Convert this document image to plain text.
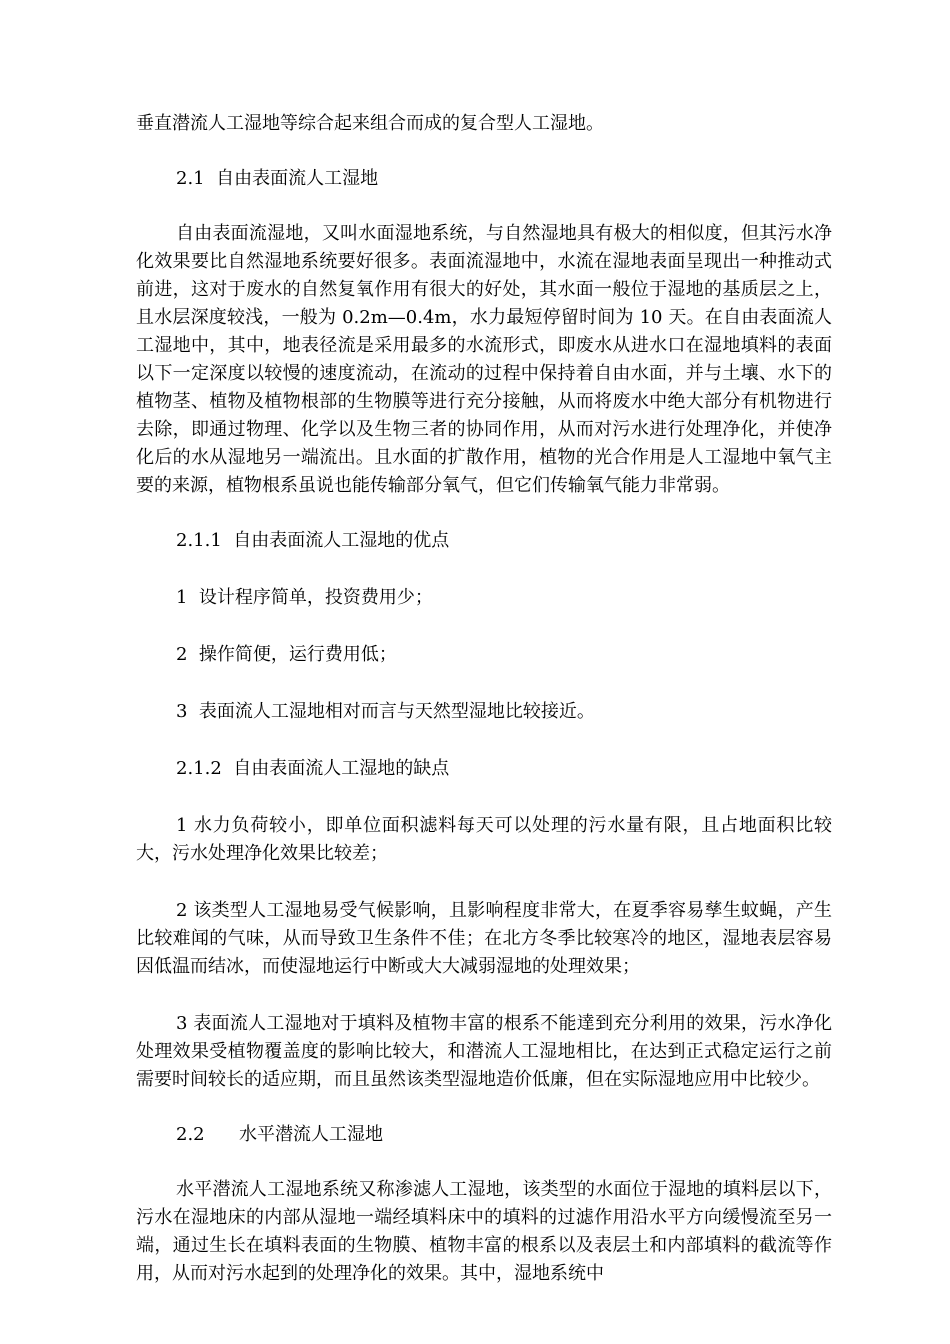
垂直潜流人工湿地等综合起来组合而成的复合型人工湿地。

2.1  自由表面流人工湿地

自由表面流湿地，又叫水面湿地系统，与自然湿地具有极大的相似度，但其污水净化效果要比自然湿地系统要好很多。表面流湿地中，水流在湿地表面呈现出一种推动式前进，这对于废水的自然复氧作用有很大的好处，其水面一般位于湿地的基质层之上，且水层深度较浅，一般为 0.2m—0.4m，水力最短停留时间为 10 天。在自由表面流人工湿地中，其中，地表径流是采用最多的水流形式，即废水从进水口在湿地填料的表面以下一定深度以较慢的速度流动，在流动的过程中保持着自由水面，并与土壤、水下的植物茎、植物及植物根部的生物膜等进行充分接触，从而将废水中绝大部分有机物进行去除，即通过物理、化学以及生物三者的协同作用，从而对污水进行处理净化，并使净化后的水从湿地另一端流出。且水面的扩散作用，植物的光合作用是人工湿地中氧气主要的来源，植物根系虽说也能传输部分氧气，但它们传输氧气能力非常弱。

2.1.1  自由表面流人工湿地的优点

1  设计程序简单，投资费用少；

2  操作简便，运行费用低；

3  表面流人工湿地相对而言与天然型湿地比较接近。

2.1.2  自由表面流人工湿地的缺点

1 水力负荷较小，即单位面积滤料每天可以处理的污水量有限，且占地面积比较大，污水处理净化效果比较差；

2 该类型人工湿地易受气候影响，且影响程度非常大，在夏季容易孳生蚊蝇，产生比较难闻的气味，从而导致卫生条件不佳；在北方冬季比较寒冷的地区，湿地表层容易因低温而结冰，而使湿地运行中断或大大减弱湿地的处理效果；

3 表面流人工湿地对于填料及植物丰富的根系不能達到充分利用的效果，污水净化处理效果受植物覆盖度的影响比较大，和潜流人工湿地相比，在达到正式稳定运行之前需要时间较长的适应期，而且虽然该类型湿地造价低廉，但在实际湿地应用中比较少。

2.2      水平潜流人工湿地

水平潜流人工湿地系统又称渗滤人工湿地，该类型的水面位于湿地的填料层以下，污水在湿地床的内部从湿地一端经填料床中的填料的过滤作用沿水平方向缓慢流至另一端，通过生长在填料表面的生物膜、植物丰富的根系以及表层土和内部填料的截流等作用，从而对污水起到的处理净化的效果。其中，湿地系统中
